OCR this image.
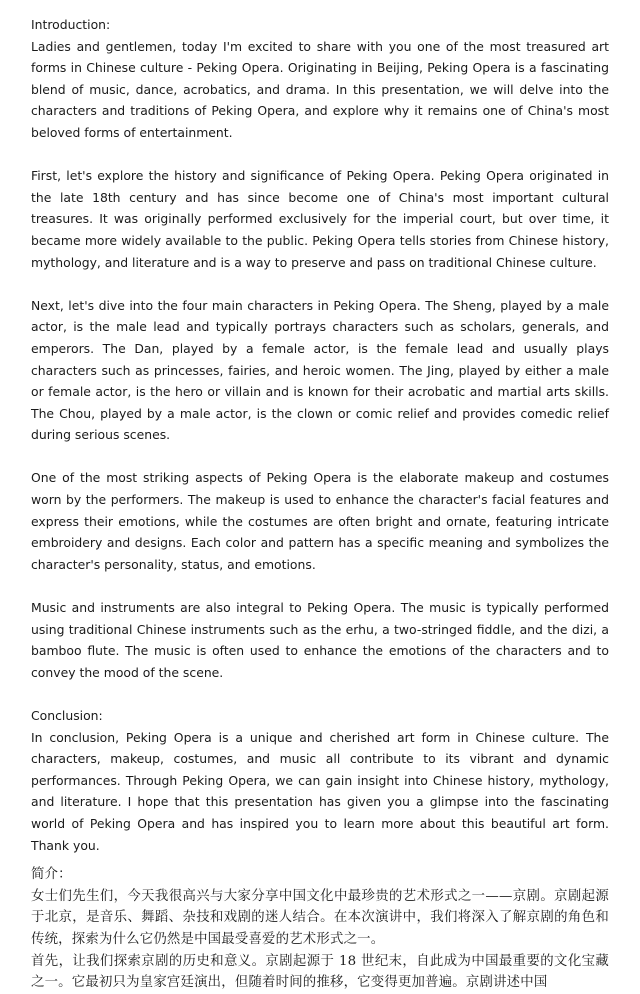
Introduction:

Ladies and gentlemen, today I'm excited to share with you one of the most treasured art forms in Chinese culture - Peking Opera. Originating in Beijing, Peking Opera is a fascinating blend of music, dance, acrobatics, and drama. In this presentation, we will delve into the characters and traditions of Peking Opera, and explore why it remains one of China's most beloved forms of entertainment.

First, let's explore the history and significance of Peking Opera. Peking Opera originated in the late 18th century and has since become one of China's most important cultural treasures. It was originally performed exclusively for the imperial court, but over time, it became more widely available to the public. Peking Opera tells stories from Chinese history, mythology, and literature and is a way to preserve and pass on traditional Chinese culture.

Next, let's dive into the four main characters in Peking Opera. The Sheng, played by a male actor, is the male lead and typically portrays characters such as scholars, generals, and emperors. The Dan, played by a female actor, is the female lead and usually plays characters such as princesses, fairies, and heroic women. The Jing, played by either a male or female actor, is the hero or villain and is known for their acrobatic and martial arts skills. The Chou, played by a male actor, is the clown or comic relief and provides comedic relief during serious scenes.

One of the most striking aspects of Peking Opera is the elaborate makeup and costumes worn by the performers. The makeup is used to enhance the character's facial features and express their emotions, while the costumes are often bright and ornate, featuring intricate embroidery and designs. Each color and pattern has a specific meaning and symbolizes the character's personality, status, and emotions.

Music and instruments are also integral to Peking Opera. The music is typically performed using traditional Chinese instruments such as the erhu, a two-stringed fiddle, and the dizi, a bamboo flute. The music is often used to enhance the emotions of the characters and to convey the mood of the scene.

Conclusion:

In conclusion, Peking Opera is a unique and cherished art form in Chinese culture. The characters, makeup, costumes, and music all contribute to its vibrant and dynamic performances. Through Peking Opera, we can gain insight into Chinese history, mythology, and literature. I hope that this presentation has given you a glimpse into the fascinating world of Peking Opera and has inspired you to learn more about this beautiful art form. Thank you.

简介：

女士们先生们，今天我很高兴与大家分享中国文化中最珍贵的艺术形式之一——京剧。京剧起源于北京，是音乐、舞蹈、杂技和戏剧的迷人结合。在本次演讲中，我们将深入了解京剧的角色和传统，探索为什么它仍然是中国最受喜爱的艺术形式之一。

首先，让我们探索京剧的历史和意义。京剧起源于 18 世纪末，自此成为中国最重要的文化宝藏之一。它最初只为皇家宫廷演出，但随着时间的推移，它变得更加普遍。京剧讲述中国
